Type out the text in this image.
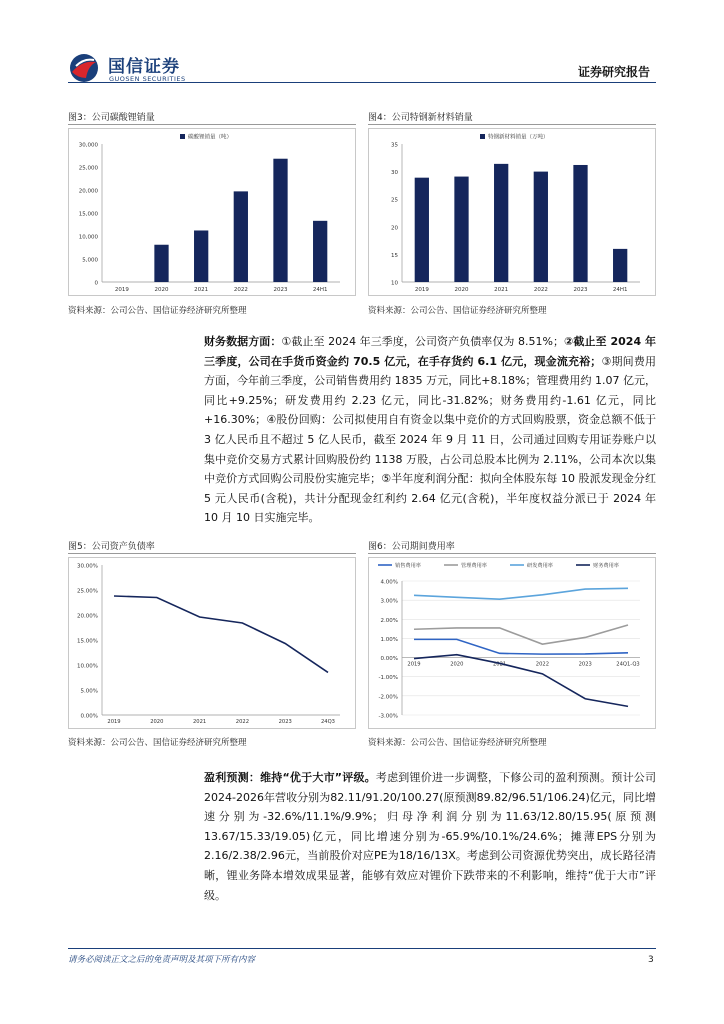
国信证券
GUOSEN SECURITIES	证券研究报告
图3：公司碳酸锂销量
0
5,000
10,000
15,000
20,000
25,000
30,000
2019	2020	2021	2022	2023	24H1
碳酸锂销量（吨）
资料来源：公司公告、国信证券经济研究所整理
图4：公司特钢新材料销量
10
15
20
25
30
35
2019	2020	2021	2022	2023	24H1
特钢新材料销量（万吨）
资料来源：公司公告、国信证券经济研究所整理
财务数据方面：①截止至 2024 年三季度，公司资产负债率仅为 8.51%；②截止至 2024 年三季度，公司在手货币资金约 70.5 亿元，在手存货约 6.1 亿元，现金流充裕；③期间费用方面，今年前三季度，公司销售费用约 1835 万元，同比+8.18%；管理费用约 1.07 亿元，同比+9.25%；研发费用约 2.23 亿元，同比-31.82%；财务费用约-1.61 亿元，同比+16.30%；④股份回购：公司拟使用自有资金以集中竞价的方式回购股票，资金总额不低于 3 亿人民币且不超过 5 亿人民币，截至 2024 年 9 月 11 日，公司通过回购专用证券账户以集中竞价交易方式累计回购股份约 1138 万股，占公司总股本比例为 2.11%，公司本次以集中竞价方式回购公司股份实施完毕；⑤半年度利润分配：拟向全体股东每 10 股派发现金分红 5 元人民币(含税)，共计分配现金红利约 2.64 亿元(含税)，半年度权益分派已于 2024 年 10 月 10 日实施完毕。
图5：公司资产负债率
0.00%
5.00%
10.00%
15.00%
20.00%
25.00%
30.00%
2019	2020	2021	2022	2023	24Q3
资料来源：公司公告、国信证券经济研究所整理
图6：公司期间费用率
-3.00%
-2.00%
-1.00%
0.00%
1.00%
2.00%
3.00%
4.00%
2019	2020	2021	2022	2023	24Q1-Q3
销售费用率	管理费用率	研发费用率	财务费用率
资料来源：公司公告、国信证券经济研究所整理
盈利预测：维持“优于大市”评级。考虑到锂价进一步调整，下修公司的盈利预测。预计公司2024-2026年营收分别为82.11/91.20/100.27(原预测89.82/96.51/106.24)亿元，同比增速分别为-32.6%/11.1%/9.9%；归母净利润分别为11.63/12.80/15.95(原预测13.67/15.33/19.05)亿元，同比增速分别为-65.9%/10.1%/24.6%；摊薄EPS分别为2.16/2.38/2.96元，当前股价对应PE为18/16/13X。考虑到公司资源优势突出，成长路径清晰，锂业务降本增效成果显著，能够有效应对锂价下跌带来的不利影响，维持“优于大市”评级。
请务必阅读正文之后的免责声明及其项下所有内容	3
